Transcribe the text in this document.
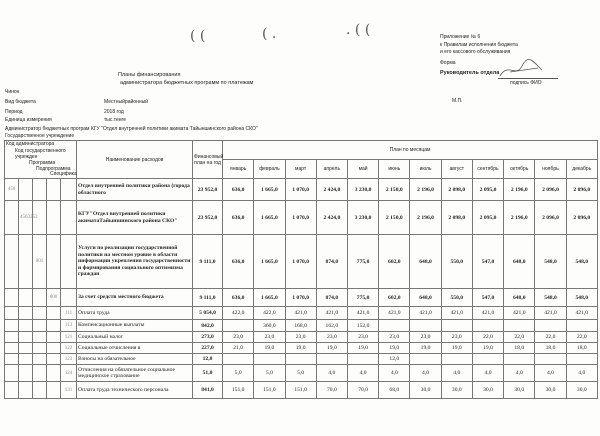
( (	( .	. ( (	Приложение № 6
к Правилам исполнения бюджета
и его кассового обслуживания
Форма
Руководитель отдела
подпись ФИО
М.П.
Планы финансирования
администратора бюджетных программ по платежам
Чинон
Вид бюджета	Местныйрайонный
Период	2018 год
Единица измерения	тыс.тенге
Администратор бюджетных програм КГУ "Отдел внутренней политики акимата Тайыншинского района СКО"
Государственное учреждение
Код администратора					Наименование расходов	Финансовый план на год	План по месяцам											
Код государственного учрежден																		
Программа							январь	февраль	март	апрель	май	июнь	июль	август	сентябрь	октябрь	ноябрь	декабрь

Подпрограмма
Специфика																		

456					Отдел внутренней политики района (города областного	23 952,0	636,0	1 665,0	1 070,0	2 424,0	3 230,0	2 150,0	2 196,0	2 098,0	2 095,0	2 196,0	2 096,0	2 096,0
	4563253				КГУ"Отдел внутренней политики акиматаТайыншинского района СКО"	23 952,0	636,0	1 665,0	1 070,0	2 424,0	3 230,0	2 150,0	2 196,0	2 098,0	2 095,0	2 196,0	2 096,0	2 096,0
		001			Услуги по реализации государственной политики на местном уровне в области информации укрепления государственности и формирования социального оптимизма граждан	9 111,0	636,0	1 665,0	1 070,0	874,0	775,0	602,0	648,0	550,0	547,0	648,0	548,0	548,0
			000		За счет средств местного бюджета	9 111,0	636,0	1 665,0	1 070,0	874,0	775,0	602,0	648,0	550,0	547,0	648,0	548,0	548,0
				111	Оплата труда	5 054,0	422,0	422,0	421,0	421,0	421,0	421,0	421,0	421,0	421,0	421,0	421,0	421,0
				113	Компенсационные выплаты	842,0		360,0	168,0	162,0	152,0							
				121	Социальный налог	273,0	23,0	23,0	23,0	23,0	23,0	23,0	23,0	23,0	22,0	22,0	22,0	22,0
				122	Социальные отчисления в	227,0	21,0	19,0	19,0	19,0	19,0	19,0	19,0	19,0	19,0	18,0	18,0	18,0
				123	Взносы на обязательное	12,0						12,0						
				124	Отчисления на обязательное социальное медицинское страхование	51,0	5,0	5,0	5,0	4,0	4,0	4,0	4,0	4,0	4,0	4,0	4,0	4,0
				131	Оплата труда технического персонала	841,0	151,0	151,0	151,0	70,0	70,0	68,0	30,0	30,0	30,0	30,0	30,0	30,0
